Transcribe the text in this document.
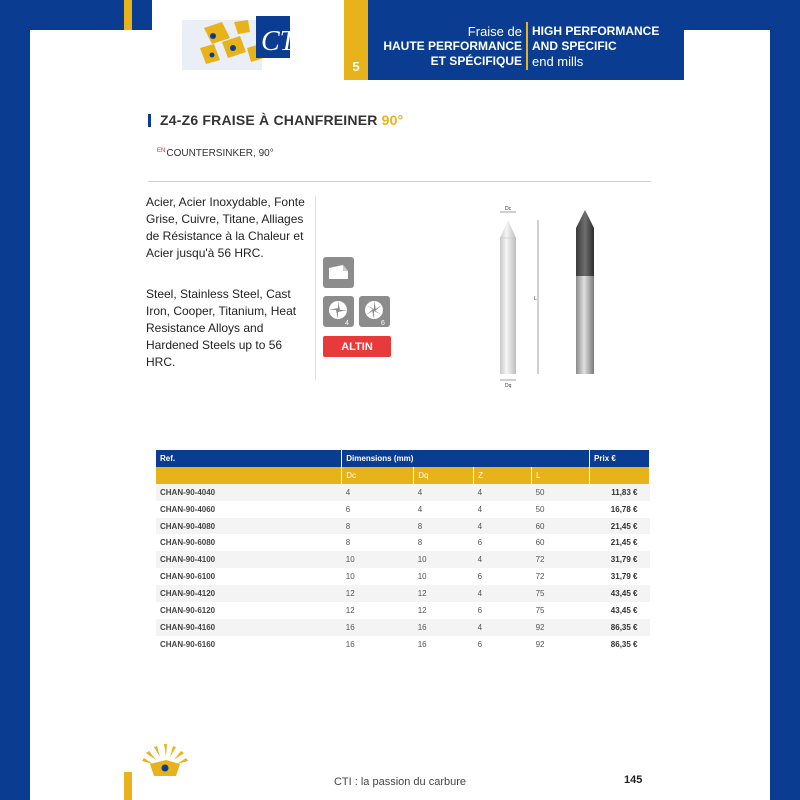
CTi
5
Fraise de
HAUTE PERFORMANCE
ET SPÉCIFIQUE
HIGH PERFORMANCE
AND SPECIFIC
end mills
Z4-Z6 FRAISE À CHANFREINER 90°
$^{EN}$COUNTERSINKER, 90°
Acier, Acier Inoxydable, Fonte Grise, Cuivre, Titane, Alliages de Résistance à la Chaleur et Acier jusqu'à 56 HRC.
Steel, Stainless Steel, Cast Iron, Cooper, Titanium, Heat Resistance Alloys and Hardened Steels up to 56 HRC.
4	6
ALTIN
Dc
L
Dq
Ref.	Dimensions (mm)				Prix €
	Dc	Dq	Z	L	
CHAN-90-4040	4	4	4	50	11,83 €
CHAN-90-4060	6	4	4	50	16,78 €
CHAN-90-4080	8	8	4	60	21,45 €
CHAN-90-6080	8	8	6	60	21,45 €
CHAN-90-4100	10	10	4	72	31,79 €
CHAN-90-6100	10	10	6	72	31,79 €
CHAN-90-4120	12	12	4	75	43,45 €
CHAN-90-6120	12	12	6	75	43,45 €
CHAN-90-4160	16	16	4	92	86,35 €
CHAN-90-6160	16	16	6	92	86,35 €
CTI : la passion du carbure	145
